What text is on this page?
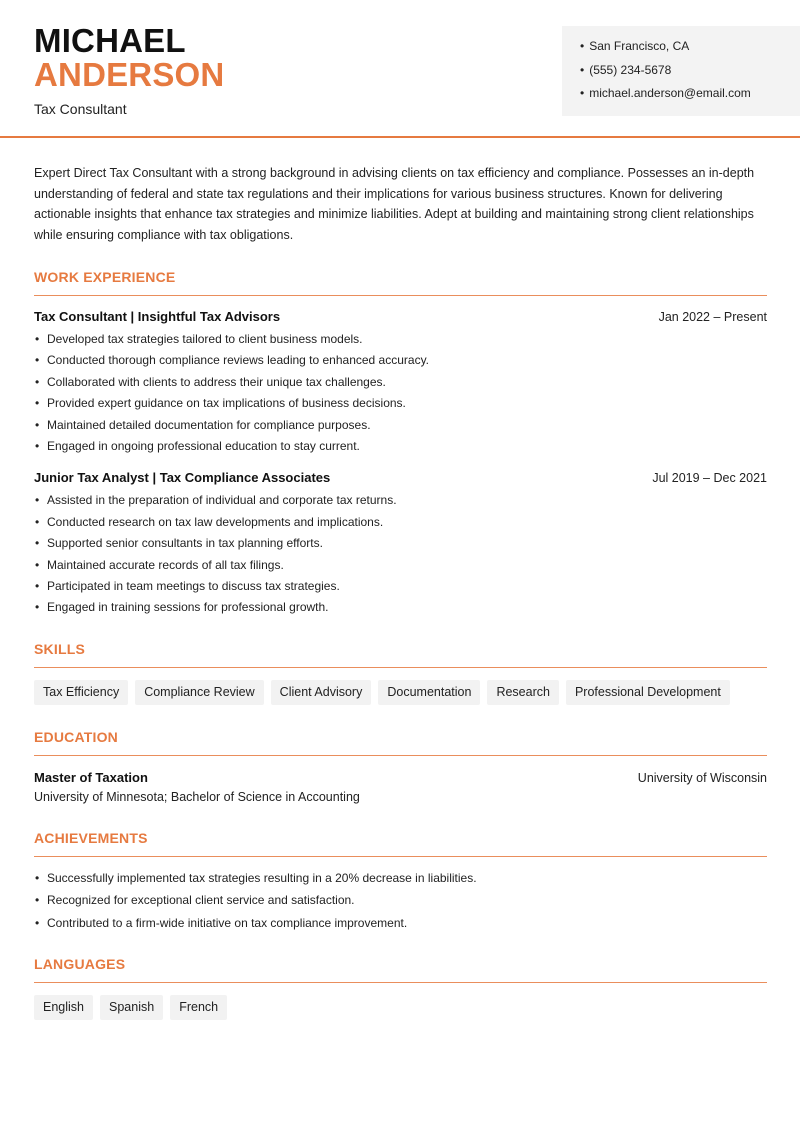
MICHAEL
ANDERSON
Tax Consultant
• San Francisco, CA
• (555) 234-5678
• michael.anderson@email.com

Expert Direct Tax Consultant with a strong background in advising clients on tax efficiency and compliance. Possesses an in-depth understanding of federal and state tax regulations and their implications for various business structures. Known for delivering actionable insights that enhance tax strategies and minimize liabilities. Adept at building and maintaining strong client relationships while ensuring compliance with tax obligations.

WORK EXPERIENCE
Tax Consultant | Insightful Tax Advisors	Jan 2022 – Present
• Developed tax strategies tailored to client business models.
• Conducted thorough compliance reviews leading to enhanced accuracy.
• Collaborated with clients to address their unique tax challenges.
• Provided expert guidance on tax implications of business decisions.
• Maintained detailed documentation for compliance purposes.
• Engaged in ongoing professional education to stay current.
Junior Tax Analyst | Tax Compliance Associates	Jul 2019 – Dec 2021
• Assisted in the preparation of individual and corporate tax returns.
• Conducted research on tax law developments and implications.
• Supported senior consultants in tax planning efforts.
• Maintained accurate records of all tax filings.
• Participated in team meetings to discuss tax strategies.
• Engaged in training sessions for professional growth.
SKILLS
Tax Efficiency	Compliance Review	Client Advisory	Documentation	Research	Professional Development
EDUCATION
Master of Taxation	University of Wisconsin
University of Minnesota; Bachelor of Science in Accounting
ACHIEVEMENTS
• Successfully implemented tax strategies resulting in a 20% decrease in liabilities.
• Recognized for exceptional client service and satisfaction.
• Contributed to a firm-wide initiative on tax compliance improvement.
LANGUAGES
English	Spanish	French
